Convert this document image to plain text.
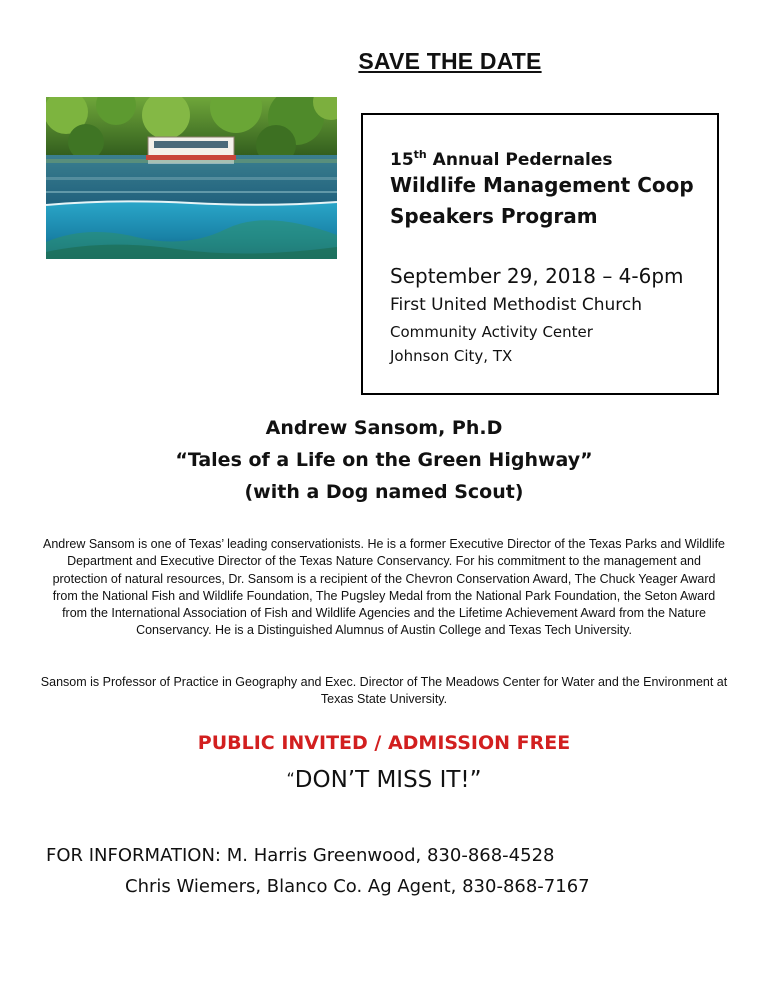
SAVE THE DATE
15th Annual Pedernales
Wildlife Management Coop
Speakers Program
September 29, 2018 – 4-6pm
First United Methodist Church
Community Activity Center
Johnson City, TX
Andrew Sansom, Ph.D
“Tales of a Life on the Green Highway”
(with a Dog named Scout)
Andrew Sansom is one of Texas’ leading conservationists. He is a former Executive Director of the Texas Parks and Wildlife Department and Executive Director of the Texas Nature Conservancy. For his commitment to the management and protection of natural resources, Dr. Sansom is a recipient of the Chevron Conservation Award, The Chuck Yeager Award from the National Fish and Wildlife Foundation, The Pugsley Medal from the National Park Foundation, the Seton Award from the International Association of Fish and Wildlife Agencies and the Lifetime Achievement Award from the Nature Conservancy. He is a Distinguished Alumnus of Austin College and Texas Tech University.
Sansom is Professor of Practice in Geography and Exec. Director of The Meadows Center for Water and the Environment at Texas State University.
PUBLIC INVITED / ADMISSION FREE
“DON’T MISS IT!”
FOR INFORMATION: M. Harris Greenwood, 830-868-4528
Chris Wiemers, Blanco Co. Ag Agent, 830-868-7167
